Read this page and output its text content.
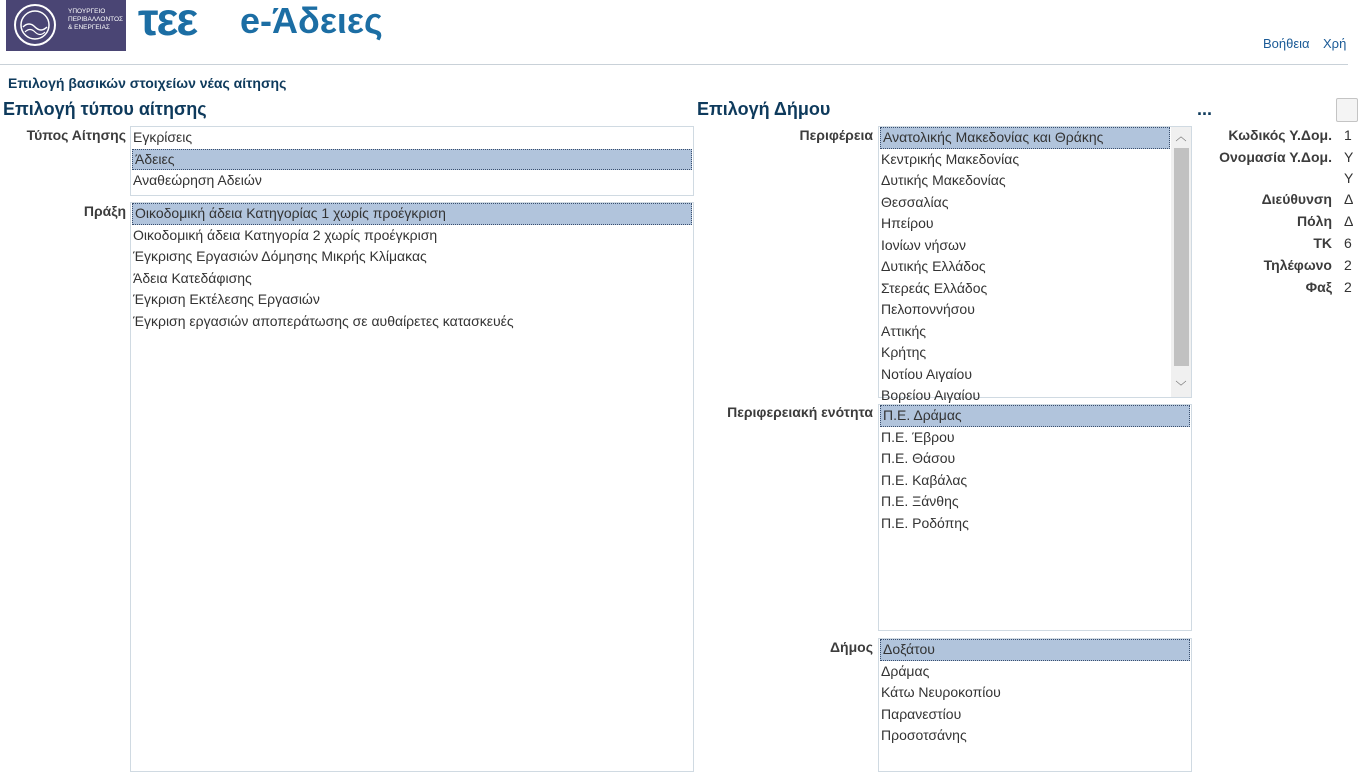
ΥΠΟΥΡΓΕΙΟ
ΠΕΡΙΒΑΛΛΟΝΤΟΣ
& ΕΝΕΡΓΕΙΑΣ τεε e-Άδειες
Βοήθεια Χρή
Επιλογή βασικών στοιχείων νέας αίτησης
Επιλογή τύπου αίτησης
Τύπος Αίτησης Εγκρίσεις
Άδειες
Αναθεώρηση Αδειών
Πράξη Οικοδομική άδεια Κατηγορίας 1 χωρίς προέγκριση
Οικοδομική άδεια Κατηγορία 2 χωρίς προέγκριση
Έγκρισης Εργασιών Δόμησης Μικρής Κλίμακας
Άδεια Κατεδάφισης
Έγκριση Εκτέλεσης Εργασιών
Έγκριση εργασιών αποπεράτωσης σε αυθαίρετες κατασκευές
Επιλογή Δήμου
Περιφέρεια Ανατολικής Μακεδονίας και Θράκης
Κεντρικής Μακεδονίας
Δυτικής Μακεδονίας
Θεσσαλίας
Ηπείρου
Ιονίων νήσων
Δυτικής Ελλάδος
Στερεάς Ελλάδος
Πελοποννήσου
Αττικής
Κρήτης
Νοτίου Αιγαίου
Βορείου Αιγαίου
︿
﹀
Περιφερειακή ενότητα Π.Ε. Δράμας
Π.Ε. Έβρου
Π.Ε. Θάσου
Π.Ε. Καβάλας
Π.Ε. Ξάνθης
Π.Ε. Ροδόπης
Δήμος Δοξάτου
Δράμας
Κάτω Νευροκοπίου
Παρανεστίου
Προσοτσάνης
...
Κωδικός Υ.Δομ. 1
Ονομασία Υ.Δομ. Υ
Υ
Διεύθυνση Δ
Πόλη Δ
ΤΚ 6
Τηλέφωνο 2
Φαξ 2
